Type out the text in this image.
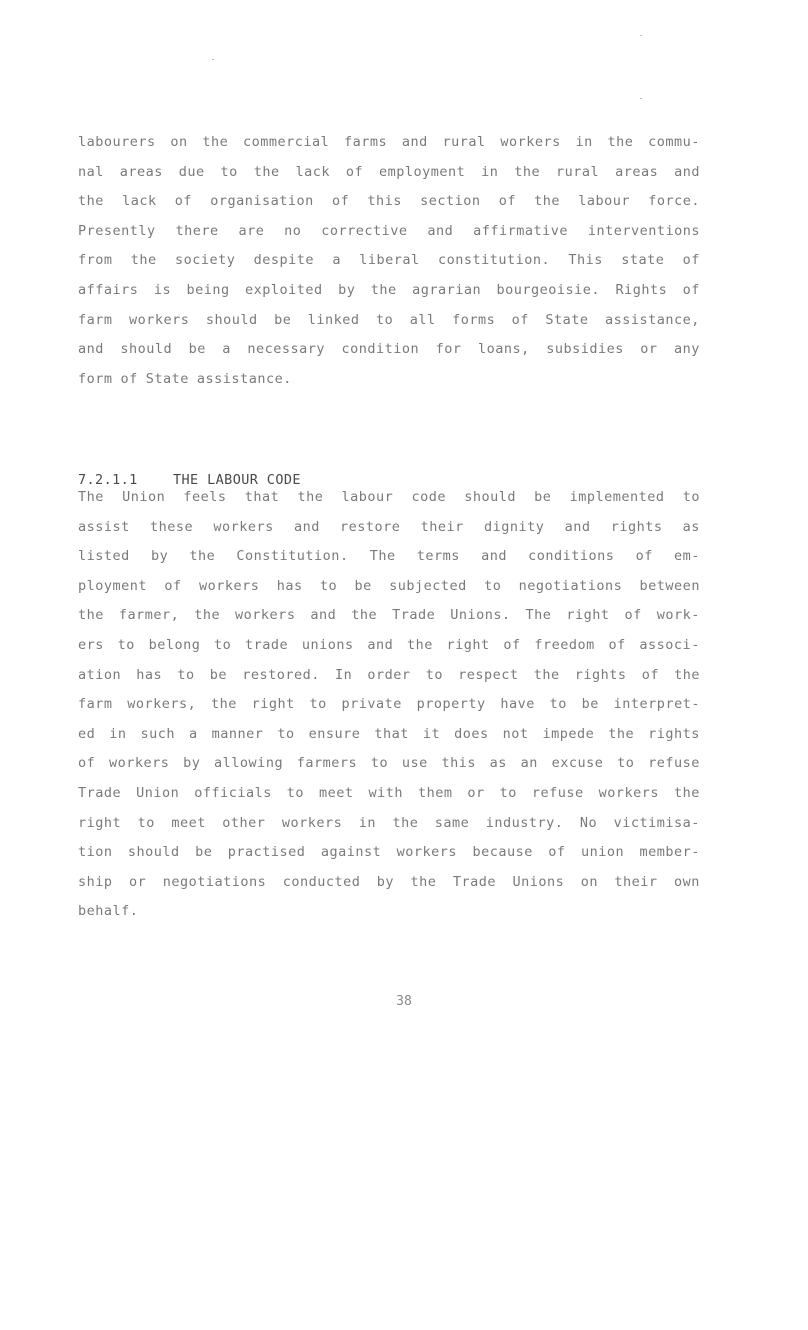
labourers on the commercial farms and rural workers in the commu-
nal areas due to the lack of employment in the rural areas and
the lack of organisation of this section of the labour force.
Presently there are no corrective and affirmative interventions
from the society despite a liberal constitution. This state of
affairs is being exploited by the agrarian bourgeoisie. Rights of
farm workers should be linked to all forms of State assistance,
and should be a necessary condition for loans, subsidies or any
form of State assistance.
7.2.1.1	THE LABOUR CODE
The Union feels that the labour code should be implemented to
assist these workers and restore their dignity and rights as
listed by the Constitution. The terms and conditions of em-
ployment of workers has to be subjected to negotiations between
the farmer, the workers and the Trade Unions. The right of work-
ers to belong to trade unions and the right of freedom of associ-
ation has to be restored. In order to respect the rights of the
farm workers, the right to private property have to be interpret-
ed in such a manner to ensure that it does not impede the rights
of workers by allowing farmers to use this as an excuse to refuse
Trade Union officials to meet with them or to refuse workers the
right to meet other workers in the same industry. No victimisa-
tion should be practised against workers because of union member-
ship or negotiations conducted by the Trade Unions on their own
behalf.
38
